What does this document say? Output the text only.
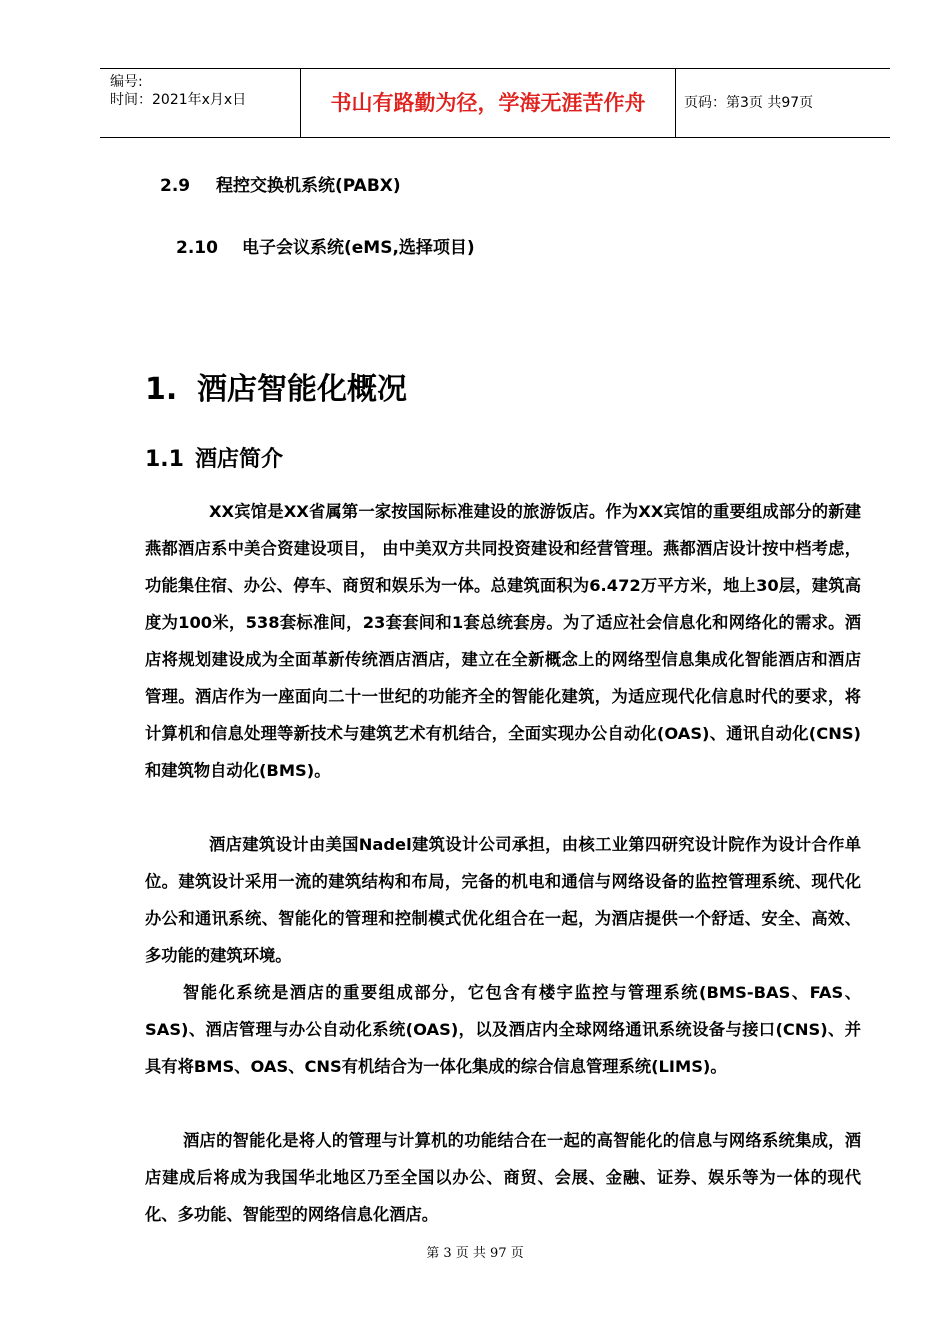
编号:
时间：2021年x月x日	书山有路勤为径，学海无涯苦作舟	页码：第3页 共97页
2.9 程控交换机系统(PABX)
2.10 电子会议系统(eMS,选择项目)
1. 酒店智能化概况
1.1 酒店简介

XX宾馆是XX省属第一家按国际标准建设的旅游饭店。作为XX宾馆的重要组成部分的新建燕都酒店系中美合资建设项目， 由中美双方共同投资建设和经营管理。燕都酒店设计按中档考虑，功能集住宿、办公、停车、商贸和娱乐为一体。总建筑面积为6.472万平方米，地上30层，建筑高度为100米，538套标准间，23套套间和1套总统套房。为了适应社会信息化和网络化的需求。酒店将规划建设成为全面革新传统酒店酒店，建立在全新概念上的网络型信息集成化智能酒店和酒店管理。酒店作为一座面向二十一世纪的功能齐全的智能化建筑，为适应现代化信息时代的要求，将计算机和信息处理等新技术与建筑艺术有机结合，全面实现办公自动化(OAS)、通讯自动化(CNS)和建筑物自动化(BMS)。

酒店建筑设计由美国Nadel建筑设计公司承担，由核工业第四研究设计院作为设计合作单位。建筑设计采用一流的建筑结构和布局，完备的机电和通信与网络设备的监控管理系统、现代化办公和通讯系统、智能化的管理和控制模式优化组合在一起，为酒店提供一个舒适、安全、高效、多功能的建筑环境。

智能化系统是酒店的重要组成部分，它包含有楼宇监控与管理系统(BMS-BAS、FAS、SAS)、酒店管理与办公自动化系统(OAS)，以及酒店内全球网络通讯系统设备与接口(CNS)、并具有将BMS、OAS、CNS有机结合为一体化集成的综合信息管理系统(LIMS)。

酒店的智能化是将人的管理与计算机的功能结合在一起的高智能化的信息与网络系统集成，酒店建成后将成为我国华北地区乃至全国以办公、商贸、会展、金融、证券、娱乐等为一体的现代化、多功能、智能型的网络信息化酒店。

第 3 页 共 97 页
